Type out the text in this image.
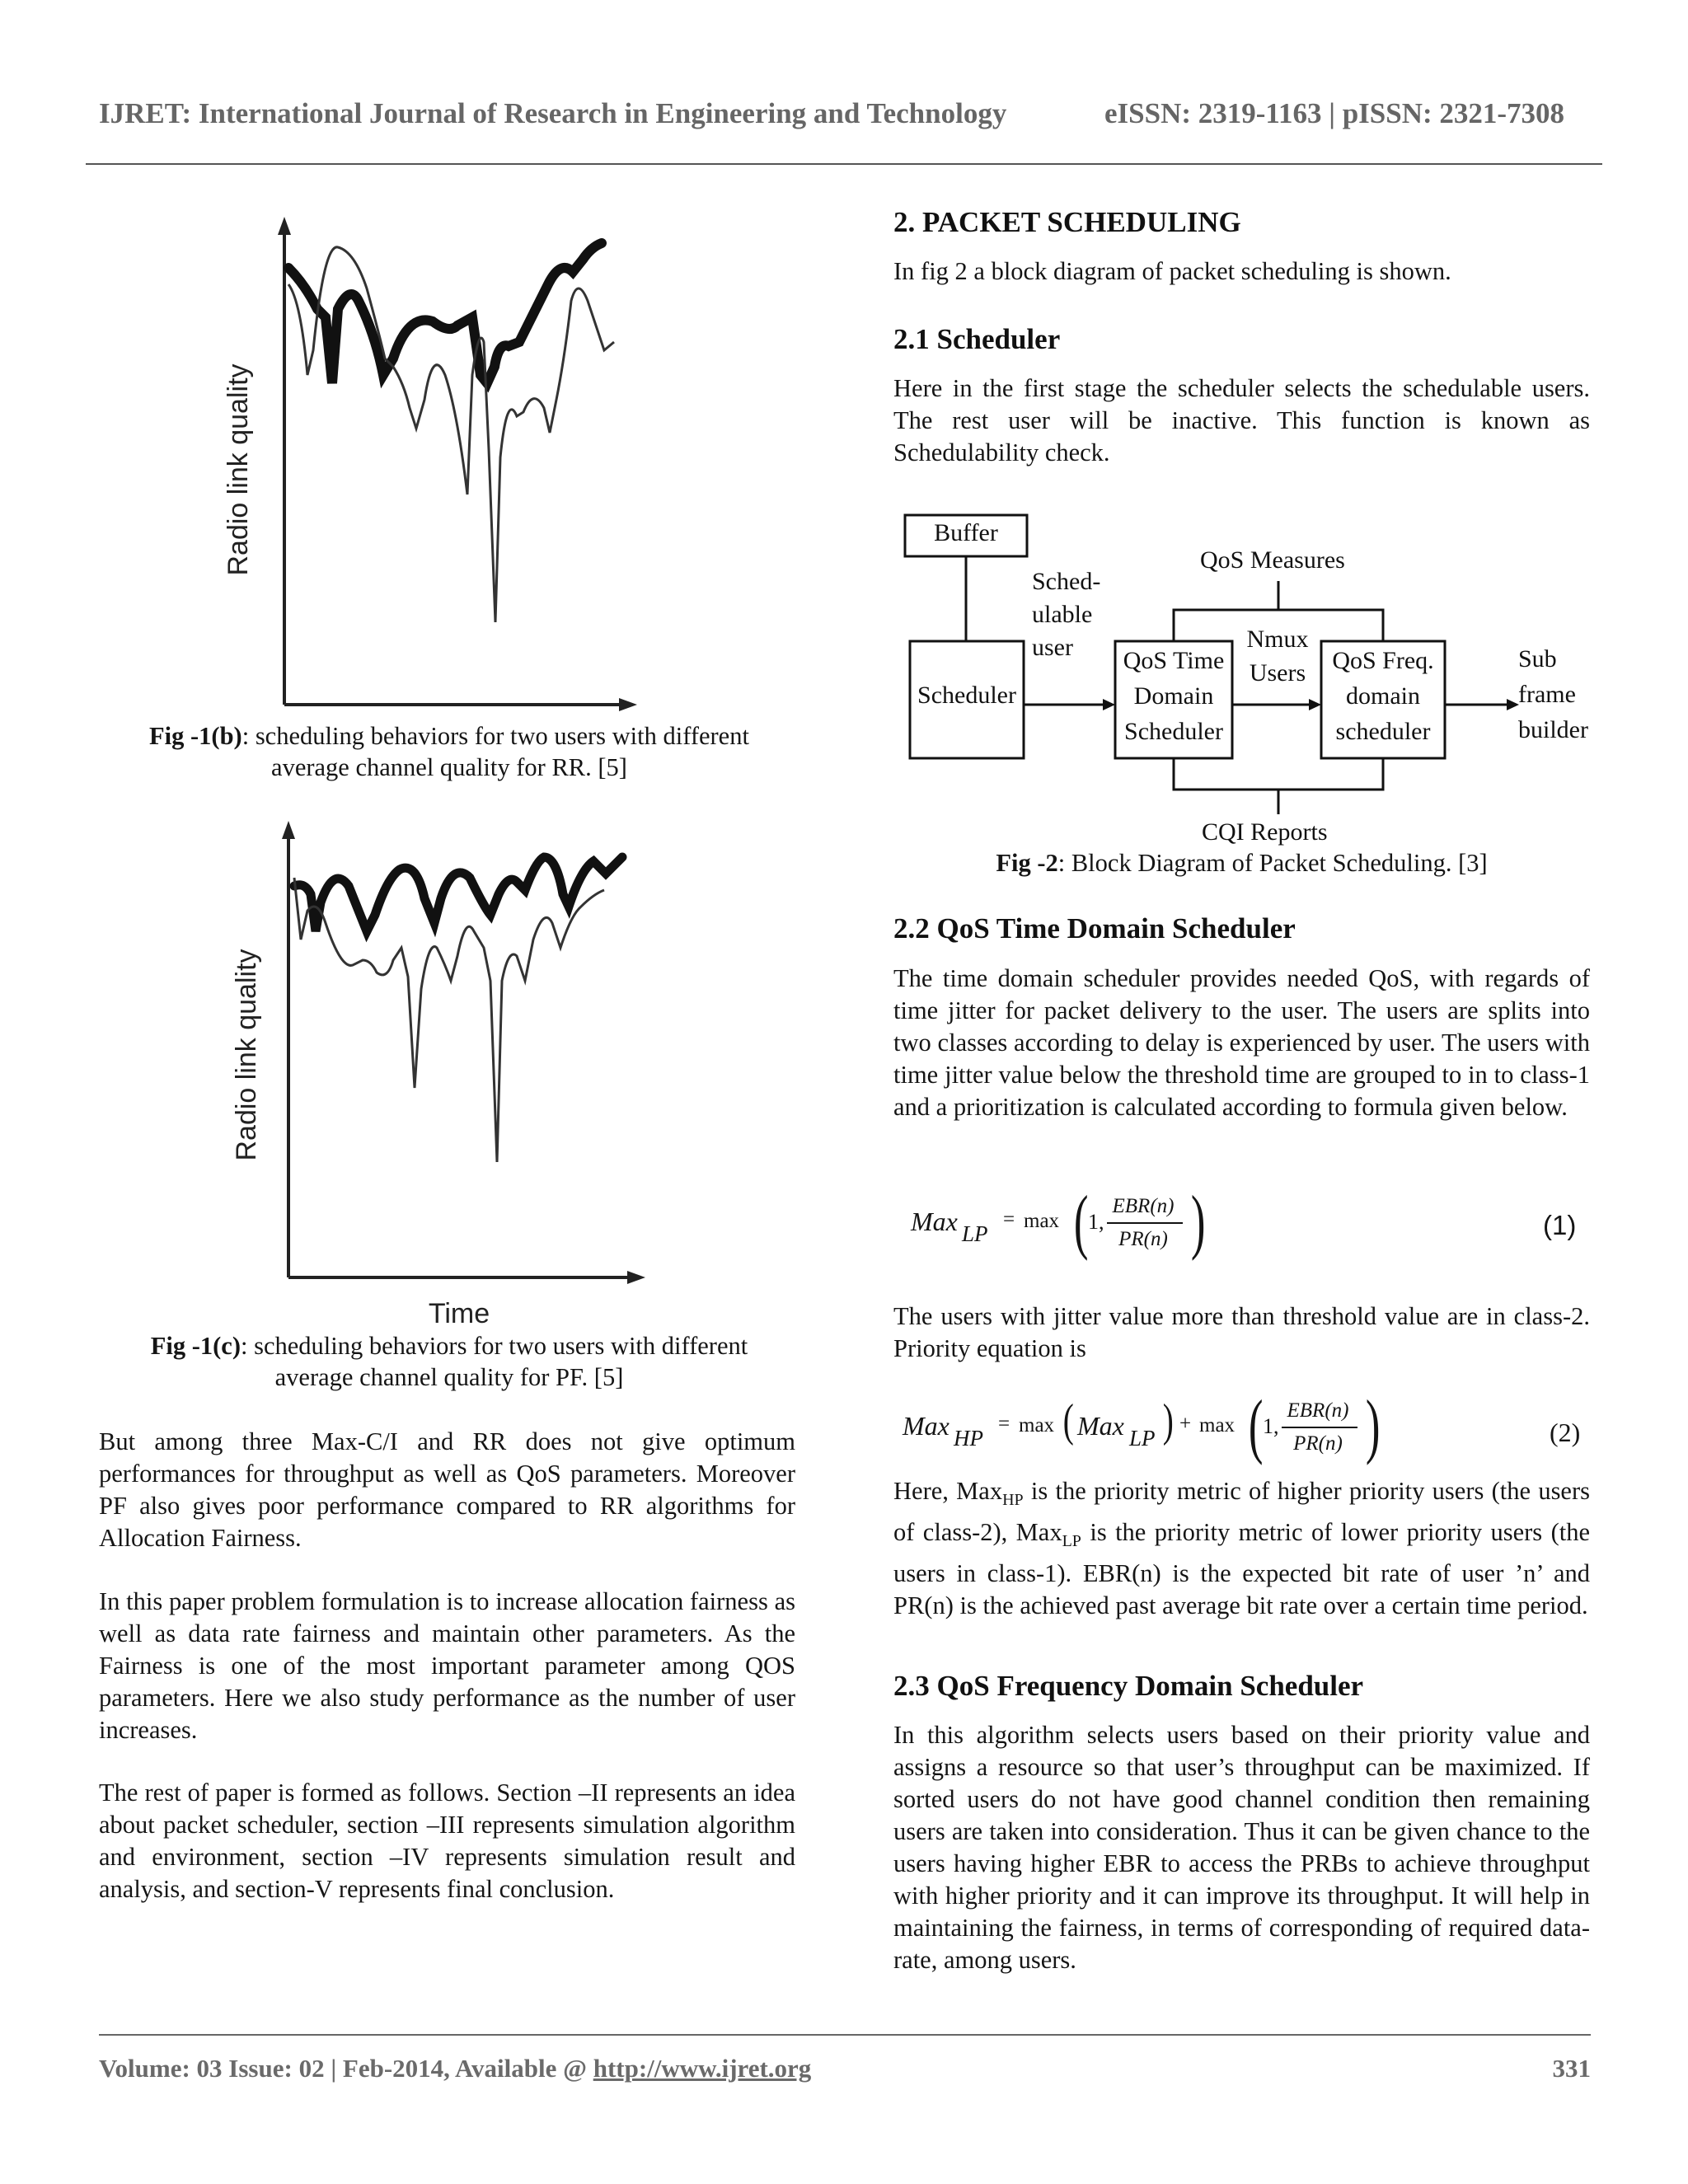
IJRET: International Journal of Research in Engineering and Technology	eISSN: 2319-1163 | pISSN: 2321-7308
Radio link quality
Fig -1(b): scheduling behaviors for two users with different
average channel quality for RR. [5]
Radio link quality
Time
Fig -1(c): scheduling behaviors for two users with different
average channel quality for PF. [5]
But among three Max-C/I and RR does not give optimum performances for throughput as well as QoS parameters. Moreover PF also gives poor performance compared to RR algorithms for Allocation Fairness.
In this paper problem formulation is to increase allocation fairness as well as data rate fairness and maintain other parameters. As the Fairness is one of the most important parameter among QOS parameters. Here we also study performance as the number of user increases.
The rest of paper is formed as follows. Section –II represents an idea about packet scheduler, section –III represents simulation algorithm and environment, section –IV represents simulation result and analysis, and section-V represents final conclusion.
2. PACKET SCHEDULING
In fig 2 a block diagram of packet scheduling is shown.
2.1 Scheduler
Here in the first stage the scheduler selects the schedulable users. The rest user will be inactive. This function is known as Schedulability check.
Buffer
Scheduler
Sched-
ulable
user
QoS Measures
QoS Time
Domain
Scheduler
Nmux
Users	QoS Freq.
domain
scheduler
Sub
frame
builder
CQI Reports
Fig -2: Block Diagram of Packet Scheduling. [3]
2.2 QoS Time Domain Scheduler
The time domain scheduler provides needed QoS, with regards of time jitter for packet delivery to the user. The users are splits into two classes according to delay is experienced by user. The users with time jitter value below the threshold time are grouped to in to class-1 and a prioritization is calculated according to formula given below.
Max LP
= max ( 1,
EBR(n)
PR(n) )	(1)
The users with jitter value more than threshold value are in class-2. Priority equation is
Max HP
= max ( Max LP ) + max ( 1,
EBR(n)
PR(n) )	(2)
Here, Max$_{HP}$ is the priority metric of higher priority users (the users of class-2), Max$_{LP}$ is the priority metric of lower priority users (the users in class-1). EBR(n) is the expected bit rate of user ’n’ and PR(n) is the achieved past average bit rate over a certain time period.
2.3 QoS Frequency Domain Scheduler
In this algorithm selects users based on their priority value and assigns a resource so that user’s throughput can be maximized. If sorted users do not have good channel condition then remaining users are taken into consideration. Thus it can be given chance to the users having higher EBR to access the PRBs to achieve throughput with higher priority and it can improve its throughput. It will help in maintaining the fairness, in terms of corresponding of required data-rate, among users.
Volume: 03 Issue: 02 | Feb-2014, Available @ http://www.ijret.org	331
